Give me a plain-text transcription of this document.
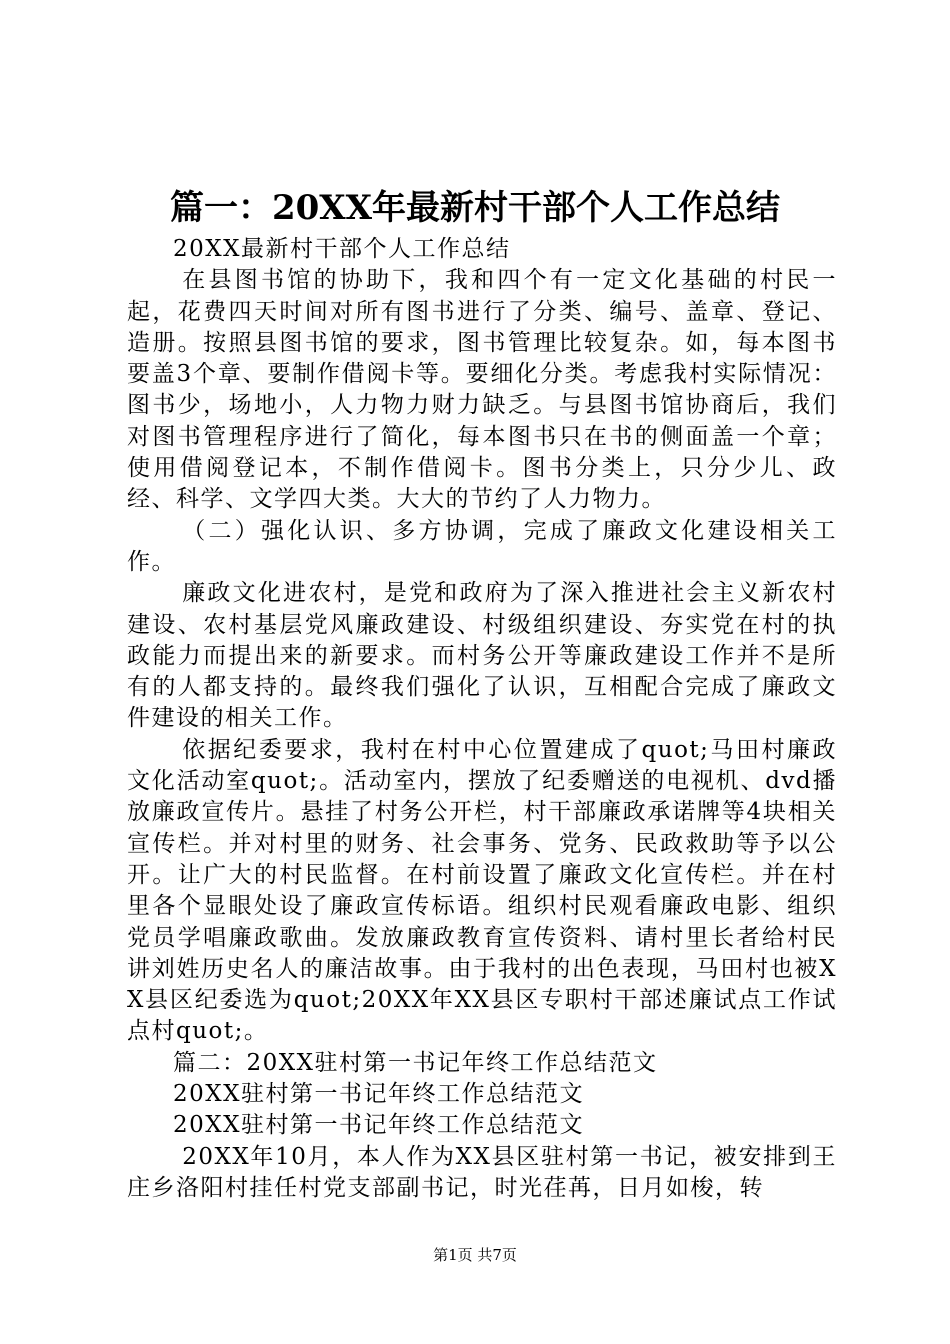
篇一：20XX年最新村干部个人工作总结

20XX最新村干部个人工作总结

在县图书馆的协助下，我和四个有一定文化基础的村民一起，花费四天时间对所有图书进行了分类、编号、盖章、登记、造册。按照县图书馆的要求，图书管理比较复杂。如，每本图书要盖3个章、要制作借阅卡等。要细化分类。考虑我村实际情况：图书少，场地小，人力物力财力缺乏。与县图书馆协商后，我们对图书管理程序进行了简化，每本图书只在书的侧面盖一个章；使用借阅登记本，不制作借阅卡。图书分类上，只分少儿、政经、科学、文学四大类。大大的节约了人力物力。

（二）强化认识、多方协调，完成了廉政文化建设相关工作。

廉政文化进农村，是党和政府为了深入推进社会主义新农村建设、农村基层党风廉政建设、村级组织建设、夯实党在村的执政能力而提出来的新要求。而村务公开等廉政建设工作并不是所有的人都支持的。最终我们强化了认识，互相配合完成了廉政文件建设的相关工作。

依据纪委要求，我村在村中心位置建成了quot;马田村廉政文化活动室quot;。活动室内，摆放了纪委赠送的电视机、dvd播放廉政宣传片。悬挂了村务公开栏，村干部廉政承诺牌等4块相关宣传栏。并对村里的财务、社会事务、党务、民政救助等予以公开。让广大的村民监督。在村前设置了廉政文化宣传栏。并在村里各个显眼处设了廉政宣传标语。组织村民观看廉政电影、组织党员学唱廉政歌曲。发放廉政教育宣传资料、请村里长者给村民讲刘姓历史名人的廉洁故事。由于我村的出色表现，马田村也被XX县区纪委选为quot;20XX年XX县区专职村干部述廉试点工作试点村quot;。

篇二：20XX驻村第一书记年终工作总结范文

20XX驻村第一书记年终工作总结范文

20XX驻村第一书记年终工作总结范文

20XX年10月，本人作为XX县区驻村第一书记，被安排到王庄乡洛阳村挂任村党支部副书记，时光荏苒，日月如梭，转

第1页 共7页
